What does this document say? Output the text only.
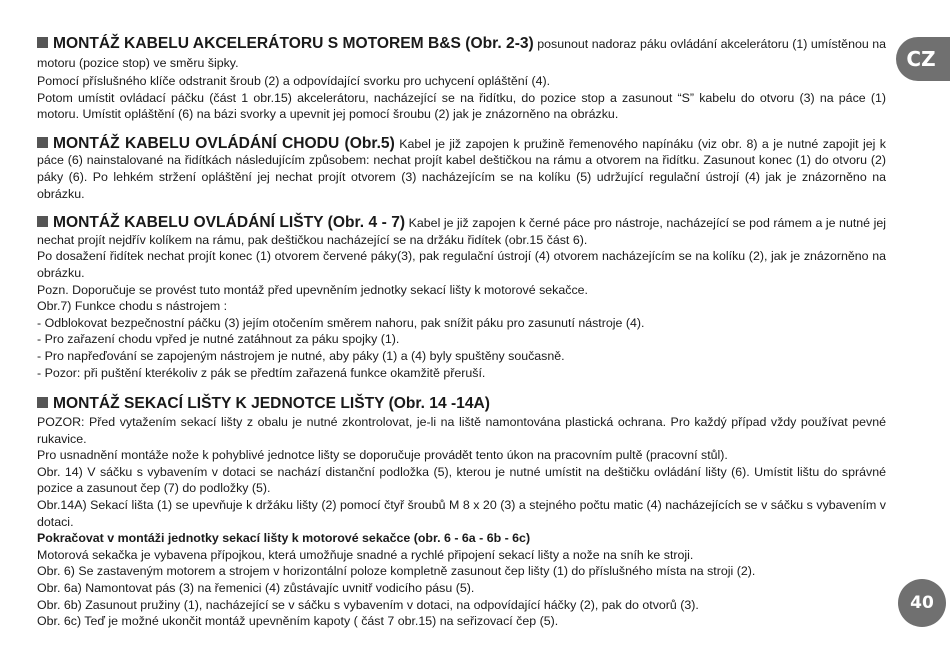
MONTÁŽ KABELU AKCELERÁTORU S MOTOREM B&S (Obr. 2-3) posunout nadoraz páku ovládání akcelerátoru (1) umístěnou na motoru (pozice stop) ve směru šipky.

Pomocí příslušného klíče odstranit šroub (2) a odpovídající svorku pro uchycení opláštění (4).

Potom umístit ovládací páčku (část 1 obr.15) akcelerátoru, nacházející se na řidítku, do pozice stop a zasunout “S” kabelu do otvoru (3) na páce (1) motoru. Umístit opláštění (6) na bázi svorky a upevnit jej pomocí šroubu (2) jak je znázorněno na obrázku.

MONTÁŽ KABELU OVLÁDÁNÍ CHODU (Obr.5) Kabel je již zapojen k pružině řemenového napínáku (viz obr. 8) a je nutné zapojit jej k páce (6) nainstalované na řidítkách následujícím způsobem: nechat projít kabel deštičkou na rámu a otvorem na řidítku. Zasunout konec (1) do otvoru (2) páky (6). Po lehkém stržení opláštění jej nechat projít otvorem (3) nacházejícím se na kolíku (5) udržující regulační ústrojí (4) jak je znázorněno na obrázku.

MONTÁŽ KABELU OVLÁDÁNÍ LIŠTY (Obr. 4 - 7) Kabel je již zapojen k černé páce pro nástroje, nacházející se pod rámem a je nutné jej nechat projít nejdřív kolíkem na rámu, pak deštičkou nacházející se na držáku řidítek (obr.15 část 6).

Po dosažení řidítek nechat projít konec (1) otvorem červené páky(3), pak regulační ústrojí (4) otvorem nacházejícím se na kolíku (2), jak je znázorněno na obrázku.

Pozn. Doporučuje se provést tuto montáž před upevněním jednotky sekací lišty k motorové sekačce.

Obr.7) Funkce chodu s nástrojem :

- Odblokovat bezpečnostní páčku (3) jejím otočením směrem nahoru, pak snížit páku pro zasunutí nástroje (4).

- Pro zařazení chodu vpřed je nutné zatáhnout za páku spojky (1).

- Pro napřeďování se zapojeným nástrojem je nutné, aby páky (1) a (4) byly spuštěny současně.

- Pozor: při puštění kterékoliv z pák se předtím zařazená funkce okamžitě přeruší.

MONTÁŽ SEKACÍ LIŠTY K JEDNOTCE LIŠTY (Obr. 14 -14A)

POZOR: Před vytažením sekací lišty z obalu je nutné zkontrolovat, je-li na liště namontována plastická ochrana. Pro každý případ vždy používat pevné rukavice.

Pro usnadnění montáže nože k pohyblivé jednotce lišty se doporučuje provádět tento úkon na pracovním pultě (pracovní stůl).

Obr. 14) V sáčku s vybavením v dotaci se nachází distanční podložka (5), kterou je nutné umístit na deštičku ovládání lišty (6). Umístit lištu do správné pozice a zasunout čep (7) do podložky (5).

Obr.14A) Sekací lišta (1) se upevňuje k držáku lišty (2) pomocí čtyř šroubů M 8 x 20 (3) a stejného počtu matic (4) nacházejících se v sáčku s vybavením v dotaci.

Pokračovat v montáži jednotky sekací lišty k motorové sekačce (obr. 6 - 6a - 6b - 6c)

Motorová sekačka je vybavena přípojkou, která umožňuje snadné a rychlé připojení sekací lišty a nože na sníh ke stroji.

Obr. 6) Se zastaveným motorem a strojem v horizontální poloze kompletně zasunout čep lišty (1) do příslušného místa na stroji (2).

Obr. 6a) Namontovat pás (3) na řemenici (4) zůstávajíc uvnitř vodicího pásu (5).

Obr. 6b) Zasunout pružiny (1), nacházející se v sáčku s vybavením v dotaci, na odpovídající háčky (2), pak do otvorů (3).

Obr. 6c) Teď je možné ukončit montáž upevněním kapoty ( část 7 obr.15) na seřizovací čep (5).

CZ
40
